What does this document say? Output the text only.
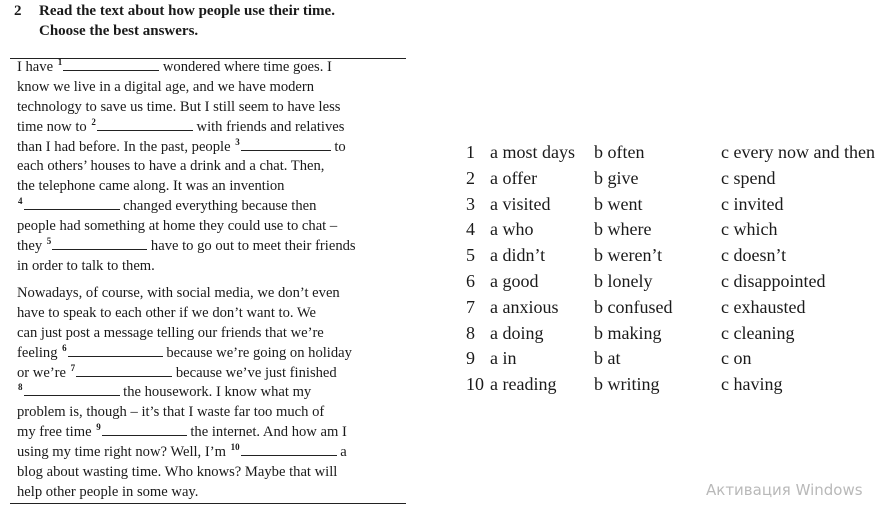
2 Read the text about how people use their time.
Choose the best answers.
I have $^1$	wondered where time goes. I
know we live in a digital age, and we have modern
technology to save us time. But I still seem to have less
time now to $^2$	with friends and relatives
than I had before. In the past, people $^3$	to
each others’ houses to have a drink and a chat. Then,
the telephone came along. It was an invention
$^4$	changed everything because then
people had something at home they could use to chat –
they $^5$	have to go out to meet their friends
in order to talk to them.
Nowadays, of course, with social media, we don’t even
have to speak to each other if we don’t want to. We
can just post a message telling our friends that we’re
feeling $^6$	because we’re going on holiday
or we’re $^7$	because we’ve just finished
$^8$	the housework. I know what my
problem is, though – it’s that I waste far too much of
my free time $^9$	the internet. And how am I
using my time right now? Well, I’m $^{10}$	a
blog about wasting time. Who knows? Maybe that will
help other people in some way.
1 a most days b often	c every now and then
2 a offer	b give	c spend
3 a visited b went	c invited
4 a who	b where	c which
5 a didn’t	b weren’t	c doesn’t
6 a good	b lonely	c disappointed
7 a anxious b confused	c exhausted
8 a doing	b making	c cleaning
9 a in	b at	c on
10 a reading b writing	c having
Активация Windows
